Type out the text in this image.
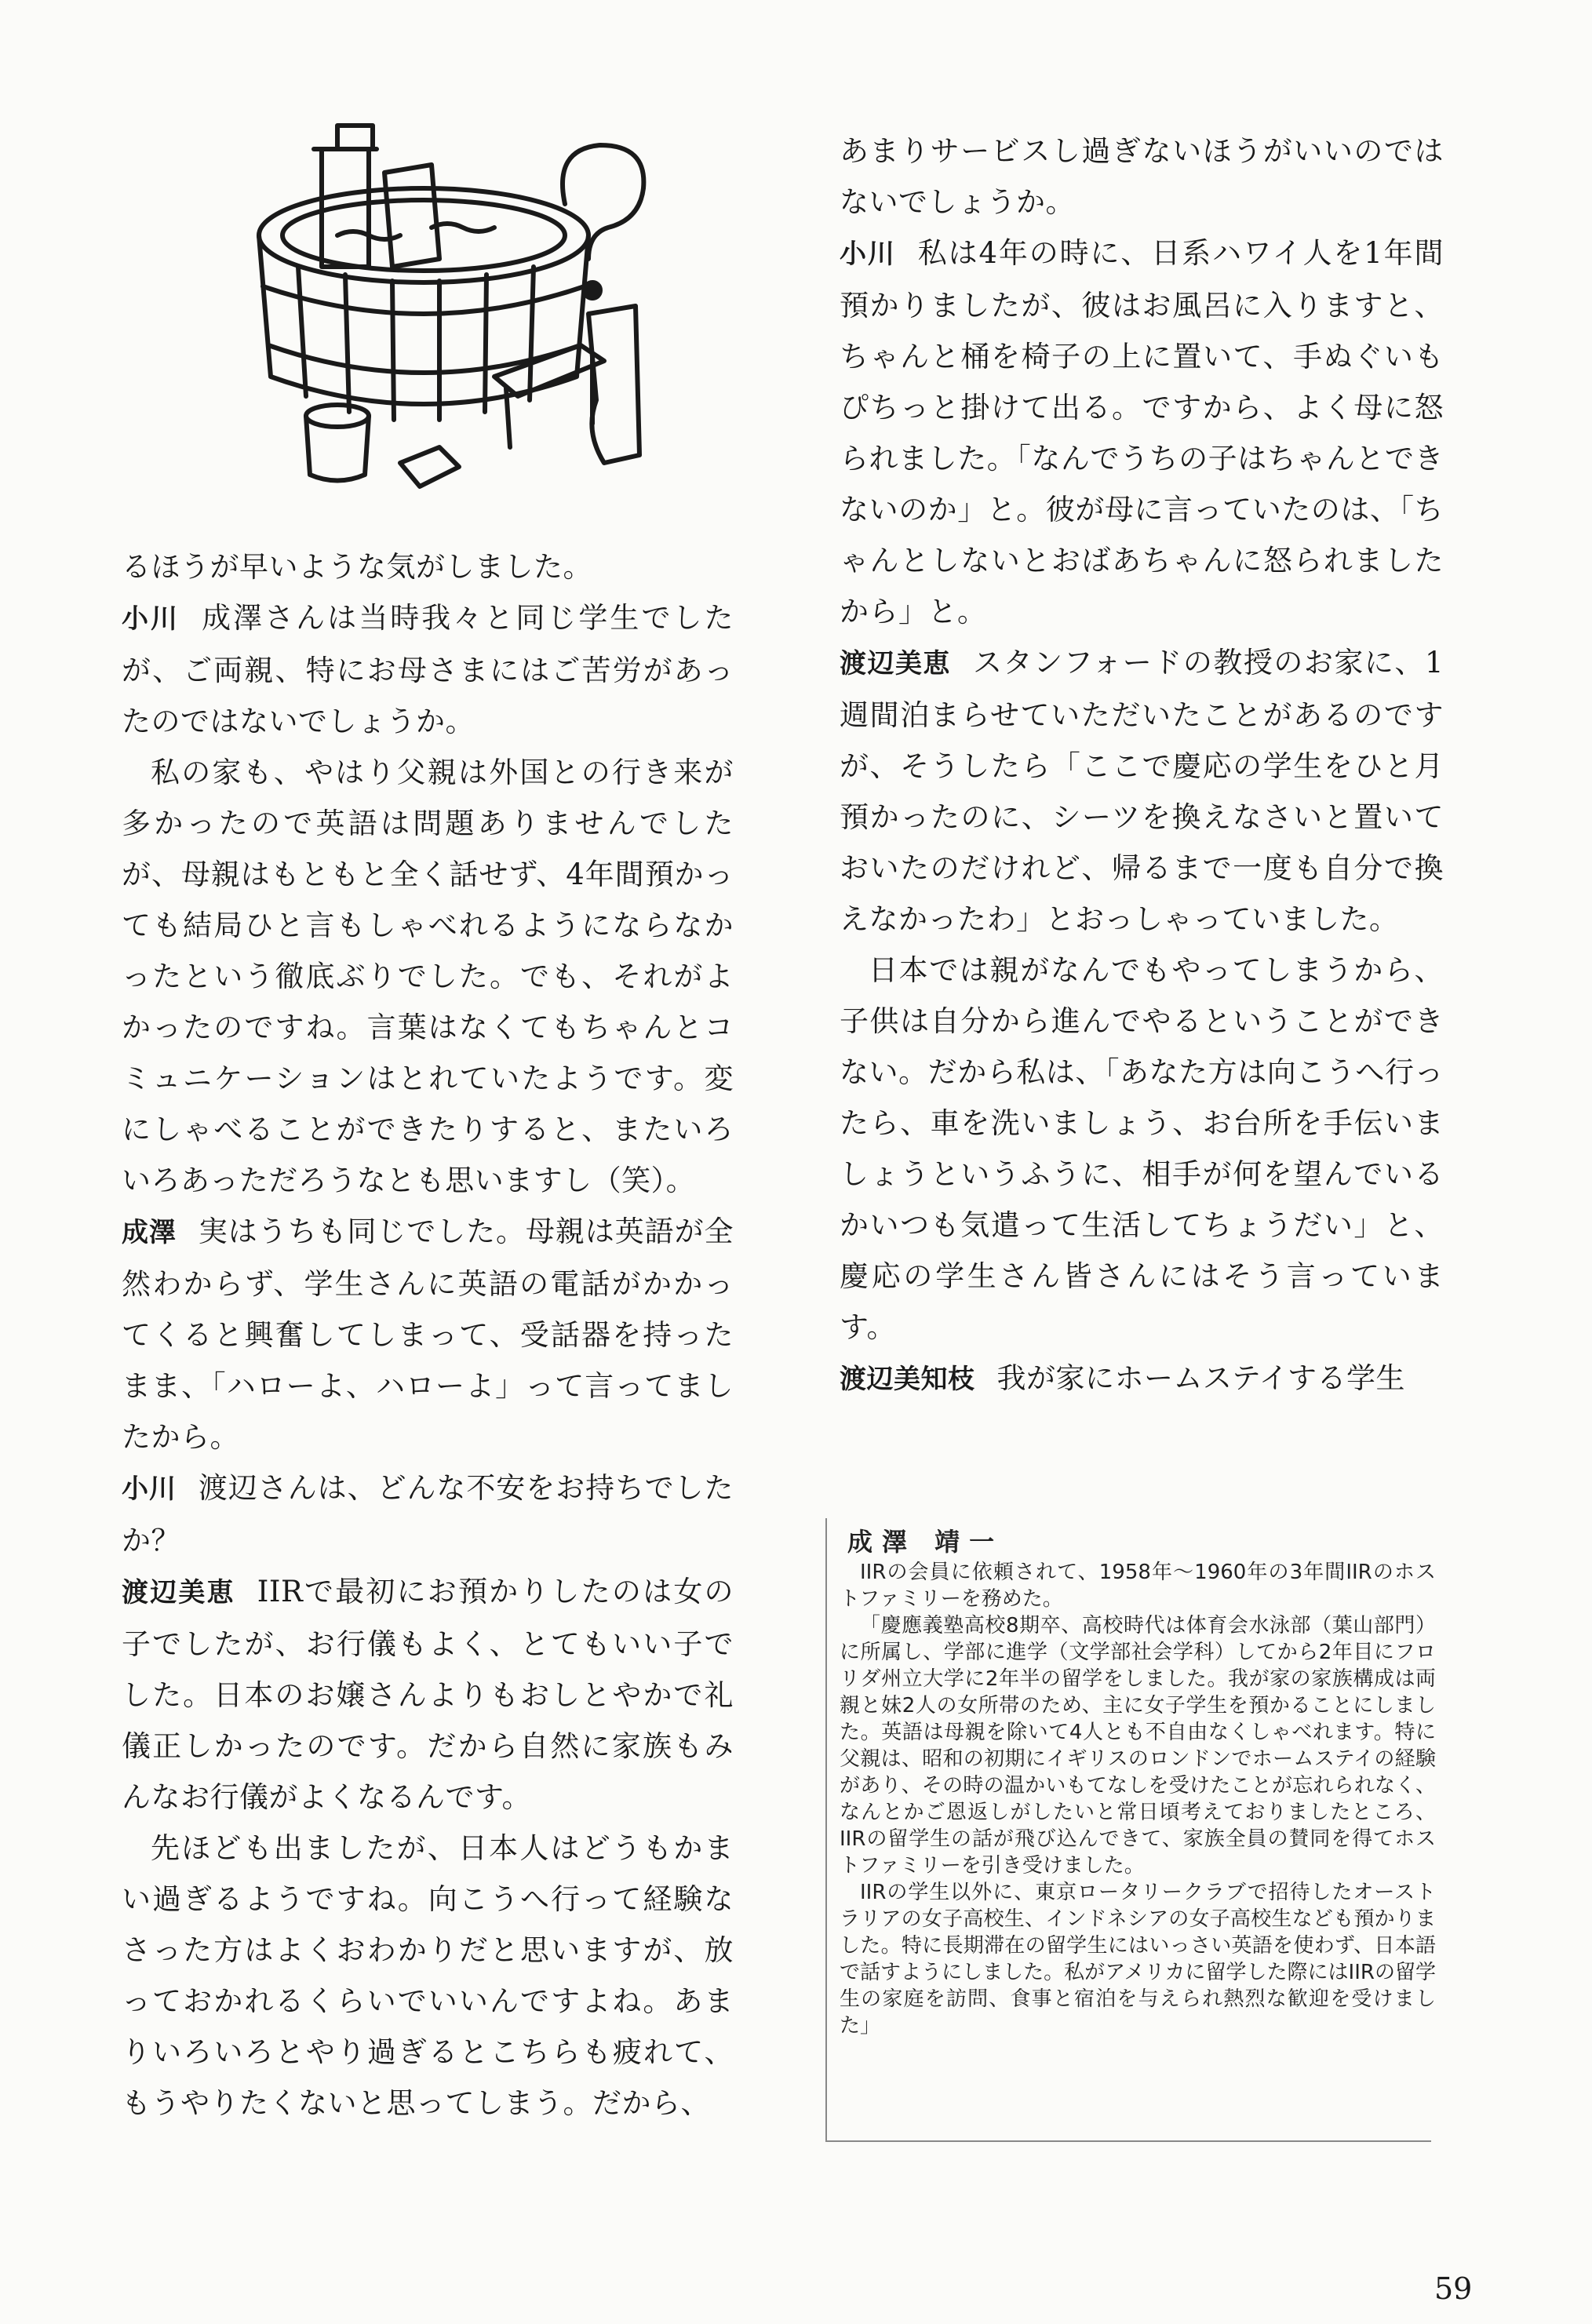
るほうが早いような気がしました。

小川 成澤さんは当時我々と同じ学生でしたが、ご両親、特にお母さまにはご苦労があったのではないでしょうか。

私の家も、やはり父親は外国との行き来が多かったので英語は問題ありませんでしたが、母親はもともと全く話せず、4年間預かっても結局ひと言もしゃべれるようにならなかったという徹底ぶりでした。でも、それがよかったのですね。言葉はなくてもちゃんとコミュニケーションはとれていたようです。変にしゃべることができたりすると、またいろいろあっただろうなとも思いますし（笑）。

成澤 実はうちも同じでした。母親は英語が全然わからず、学生さんに英語の電話がかかってくると興奮してしまって、受話器を持ったまま、「ハローよ、ハローよ」って言ってましたから。

小川 渡辺さんは、どんな不安をお持ちでしたか？

渡辺美恵 IIRで最初にお預かりしたのは女の子でしたが、お行儀もよく、とてもいい子でした。日本のお嬢さんよりもおしとやかで礼儀正しかったのです。だから自然に家族もみんなお行儀がよくなるんです。

先ほども出ましたが、日本人はどうもかまい過ぎるようですね。向こうへ行って経験なさった方はよくおわかりだと思いますが、放っておかれるくらいでいいんですよね。あまりいろいろとやり過ぎるとこちらも疲れて、もうやりたくないと思ってしまう。だから、

あまりサービスし過ぎないほうがいいのではないでしょうか。

小川 私は4年の時に、日系ハワイ人を1年間預かりましたが、彼はお風呂に入りますと、ちゃんと桶を椅子の上に置いて、手ぬぐいもぴちっと掛けて出る。ですから、よく母に怒られました。「なんでうちの子はちゃんとできないのか」と。彼が母に言っていたのは、「ちゃんとしないとおばあちゃんに怒られましたから」と。

渡辺美恵 スタンフォードの教授のお家に、1週間泊まらせていただいたことがあるのですが、そうしたら「ここで慶応の学生をひと月預かったのに、シーツを換えなさいと置いておいたのだけれど、帰るまで一度も自分で換えなかったわ」とおっしゃっていました。

日本では親がなんでもやってしまうから、子供は自分から進んでやるということができない。だから私は、「あなた方は向こうへ行ったら、車を洗いましょう、お台所を手伝いましょうというふうに、相手が何を望んでいるかいつも気遣って生活してちょうだい」と、慶応の学生さん皆さんにはそう言っています。

渡辺美知枝 我が家にホームステイする学生

成澤 靖一

IIRの会員に依頼されて、1958年～1960年の3年間IIRのホストファミリーを務めた。

「慶應義塾高校8期卒、高校時代は体育会水泳部（葉山部門）に所属し、学部に進学（文学部社会学科）してから2年目にフロリダ州立大学に2年半の留学をしました。我が家の家族構成は両親と妹2人の女所帯のため、主に女子学生を預かることにしました。英語は母親を除いて4人とも不自由なくしゃべれます。特に父親は、昭和の初期にイギリスのロンドンでホームステイの経験があり、その時の温かいもてなしを受けたことが忘れられなく、なんとかご恩返しがしたいと常日頃考えておりましたところ、IIRの留学生の話が飛び込んできて、家族全員の賛同を得てホストファミリーを引き受けました。

IIRの学生以外に、東京ロータリークラブで招待したオーストラリアの女子高校生、インドネシアの女子高校生なども預かりました。特に長期滞在の留学生にはいっさい英語を使わず、日本語で話すようにしました。私がアメリカに留学した際にはIIRの留学生の家庭を訪問、食事と宿泊を与えられ熱烈な歓迎を受けました」

59
